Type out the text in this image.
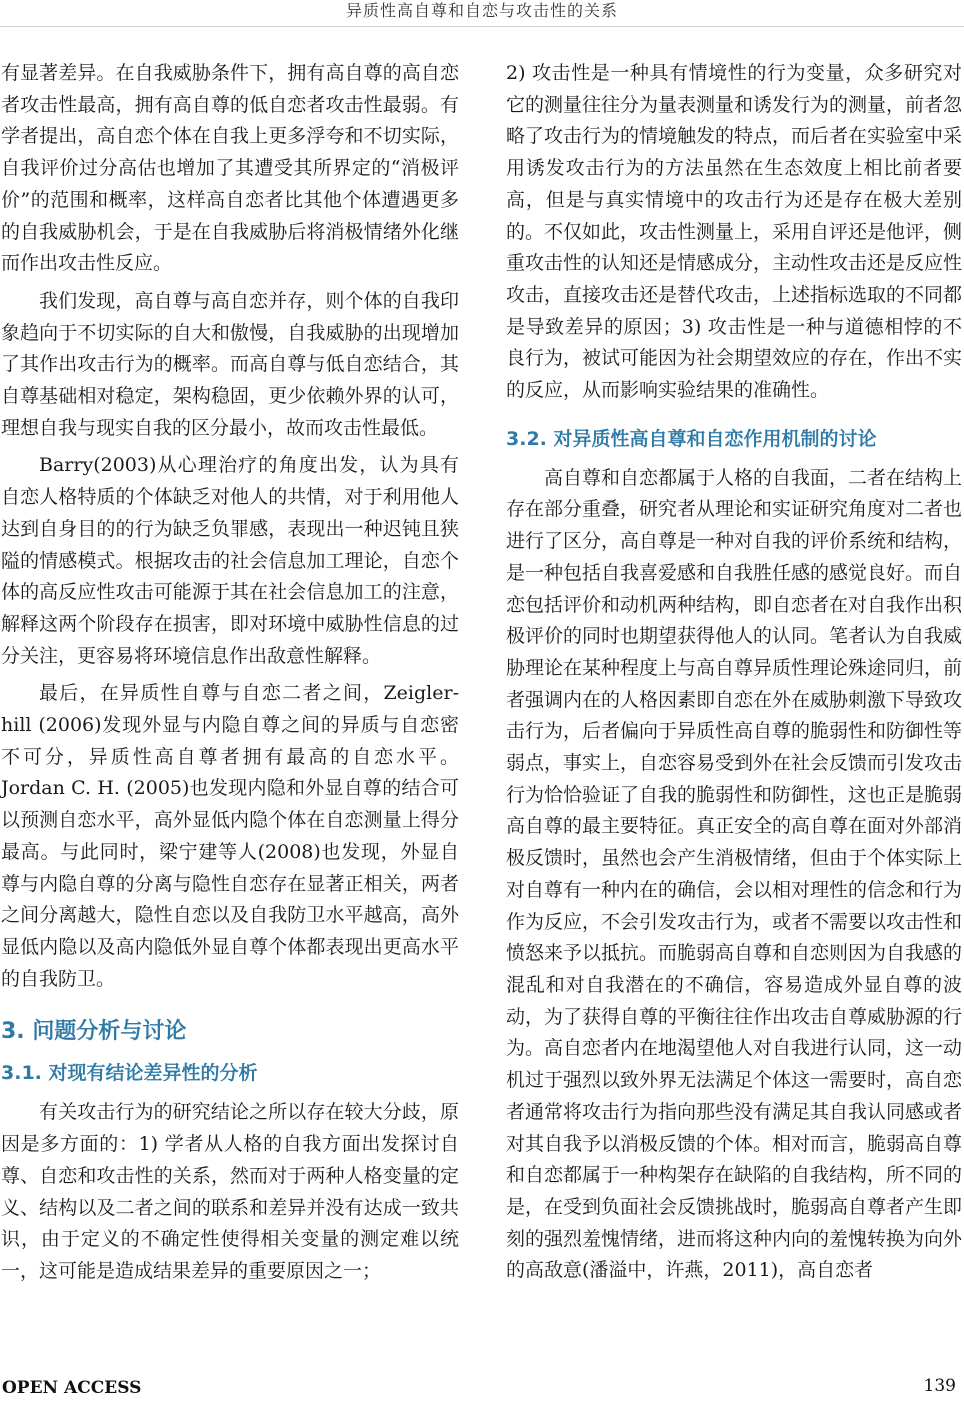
异质性高自尊和自恋与攻击性的关系

有显著差异。在自我威胁条件下，拥有高自尊的高自恋者攻击性最高，拥有高自尊的低自恋者攻击性最弱。有学者提出，高自恋个体在自我上更多浮夸和不切实际，自我评价过分高估也增加了其遭受其所界定的“消极评价”的范围和概率，这样高自恋者比其他个体遭遇更多的自我威胁机会，于是在自我威胁后将消极情绪外化继而作出攻击性反应。

我们发现，高自尊与高自恋并存，则个体的自我印象趋向于不切实际的自大和傲慢，自我威胁的出现增加了其作出攻击行为的概率。而高自尊与低自恋结合，其自尊基础相对稳定，架构稳固，更少依赖外界的认可，理想自我与现实自我的区分最小，故而攻击性最低。

Barry(2003)从心理治疗的角度出发，认为具有自恋人格特质的个体缺乏对他人的共情，对于利用他人达到自身目的的行为缺乏负罪感，表现出一种迟钝且狭隘的情感模式。根据攻击的社会信息加工理论，自恋个体的高反应性攻击可能源于其在社会信息加工的注意，解释这两个阶段存在损害，即对环境中威胁性信息的过分关注，更容易将环境信息作出敌意性解释。

最后，在异质性自尊与自恋二者之间，Zeigler-hill (2006)发现外显与内隐自尊之间的异质与自恋密不可分，异质性高自尊者拥有最高的自恋水平。Jordan C. H. (2005)也发现内隐和外显自尊的结合可以预测自恋水平，高外显低内隐个体在自恋测量上得分最高。与此同时，梁宁建等人(2008)也发现，外显自尊与内隐自尊的分离与隐性自恋存在显著正相关，两者之间分离越大，隐性自恋以及自我防卫水平越高，高外显低内隐以及高内隐低外显自尊个体都表现出更高水平的自我防卫。

3. 问题分析与讨论
3.1. 对现有结论差异性的分析

有关攻击行为的研究结论之所以存在较大分歧，原因是多方面的：1) 学者从人格的自我方面出发探讨自尊、自恋和攻击性的关系，然而对于两种人格变量的定义、结构以及二者之间的联系和差异并没有达成一致共识，由于定义的不确定性使得相关变量的测定难以统一，这可能是造成结果差异的重要原因之一；

2) 攻击性是一种具有情境性的行为变量，众多研究对它的测量往往分为量表测量和诱发行为的测量，前者忽略了攻击行为的情境触发的特点，而后者在实验室中采用诱发攻击行为的方法虽然在生态效度上相比前者要高，但是与真实情境中的攻击行为还是存在极大差别的。不仅如此，攻击性测量上，采用自评还是他评，侧重攻击性的认知还是情感成分，主动性攻击还是反应性攻击，直接攻击还是替代攻击，上述指标选取的不同都是导致差异的原因；3) 攻击性是一种与道德相悖的不良行为，被试可能因为社会期望效应的存在，作出不实的反应，从而影响实验结果的准确性。

3.2. 对异质性高自尊和自恋作用机制的讨论

高自尊和自恋都属于人格的自我面，二者在结构上存在部分重叠，研究者从理论和实证研究角度对二者也进行了区分，高自尊是一种对自我的评价系统和结构，是一种包括自我喜爱感和自我胜任感的感觉良好。而自恋包括评价和动机两种结构，即自恋者在对自我作出积极评价的同时也期望获得他人的认同。笔者认为自我威胁理论在某种程度上与高自尊异质性理论殊途同归，前者强调内在的人格因素即自恋在外在威胁刺激下导致攻击行为，后者偏向于异质性高自尊的脆弱性和防御性等弱点，事实上，自恋容易受到外在社会反馈而引发攻击行为恰恰验证了自我的脆弱性和防御性，这也正是脆弱高自尊的最主要特征。真正安全的高自尊在面对外部消极反馈时，虽然也会产生消极情绪，但由于个体实际上对自尊有一种内在的确信，会以相对理性的信念和行为作为反应，不会引发攻击行为，或者不需要以攻击性和愤怒来予以抵抗。而脆弱高自尊和自恋则因为自我感的混乱和对自我潜在的不确信，容易造成外显自尊的波动，为了获得自尊的平衡往往作出攻击自尊威胁源的行为。高自恋者内在地渴望他人对自我进行认同，这一动机过于强烈以致外界无法满足个体这一需要时，高自恋者通常将攻击行为指向那些没有满足其自我认同感或者对其自我予以消极反馈的个体。相对而言，脆弱高自尊和自恋都属于一种构架存在缺陷的自我结构，所不同的是，在受到负面社会反馈挑战时，脆弱高自尊者产生即刻的强烈羞愧情绪，进而将这种内向的羞愧转换为向外的高敌意(潘溢中，许燕，2011)，高自恋者

OPEN ACCESS	139
